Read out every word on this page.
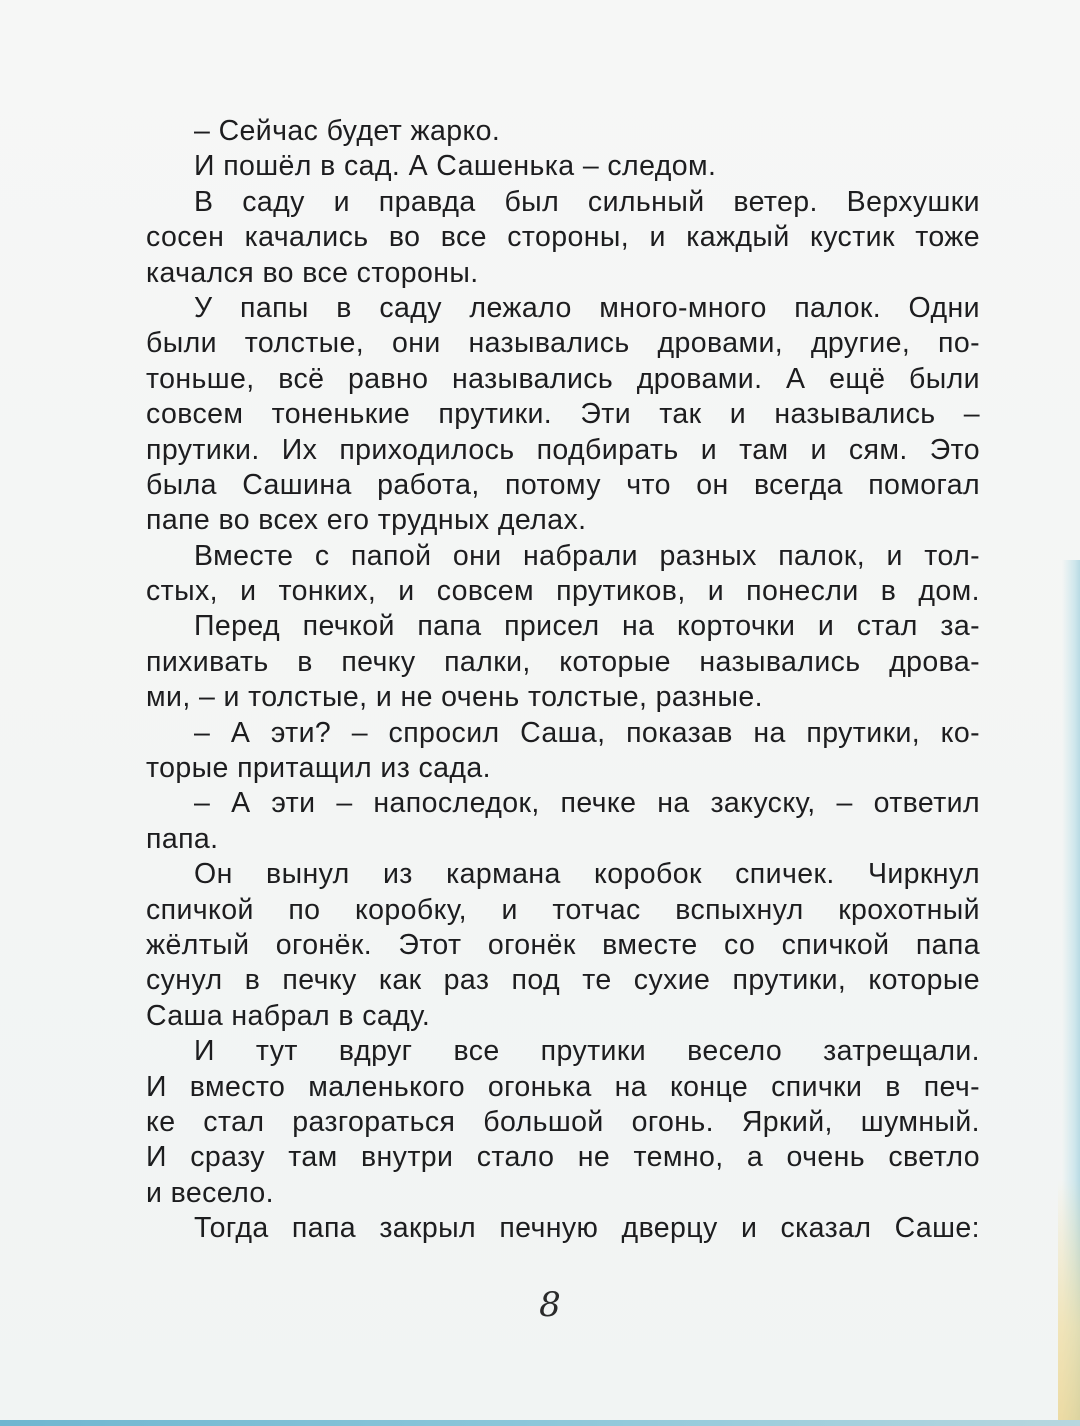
– Сейчас будет жарко.
И пошёл в сад. А Сашенька – следом.
В саду и правда был сильный ветер. Верхушки
сосен качались во все стороны, и каждый кустик тоже
качался во все стороны.
У папы в саду лежало много-много палок. Одни
были толстые, они назывались дровами, другие, по-
тоньше, всё равно назывались дровами. А ещё были
совсем тоненькие прутики. Эти так и назывались –
прутики. Их приходилось подбирать и там и сям. Это
была Сашина работа, потому что он всегда помогал
папе во всех его трудных делах.
Вместе с папой они набрали разных палок, и тол-
стых, и тонких, и совсем прутиков, и понесли в дом.
Перед печкой папа присел на корточки и стал за-
пихивать в печку палки, которые назывались дрова-
ми, – и толстые, и не очень толстые, разные.
– А эти? – спросил Саша, показав на прутики, ко-
торые притащил из сада.
– А эти – напоследок, печке на закуску, – ответил
папа.
Он вынул из кармана коробок спичек. Чиркнул
спичкой по коробку, и тотчас вспыхнул крохотный
жёлтый огонёк. Этот огонёк вместе со спичкой папа
сунул в печку как раз под те сухие прутики, которые
Саша набрал в саду.
И тут вдруг все прутики весело затрещали.
И вместо маленького огонька на конце спички в печ-
ке стал разгораться большой огонь. Яркий, шумный.
И сразу там внутри стало не темно, а очень светло
и весело.
Тогда папа закрыл печную дверцу и сказал Саше:
8
